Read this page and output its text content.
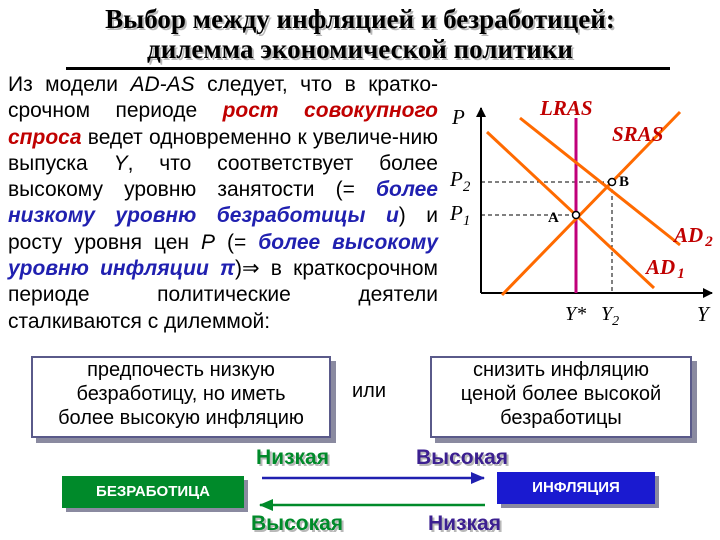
Выбор между инфляцией и безработицей:
дилемма экономической политики
Из модели AD-AS следует, что в кратко-срочном периоде рост совокупного спроса ведет одновременно к увеличе-нию выпуска Y, что соответствует более высокому уровню занятости (= более низкому уровню безработицы u) и росту уровня цен P (= более высокому уровню инфляции π)⇒ в краткосрочном периоде политические деятели сталкиваются с дилеммой:
P
Y
A
B
LRAS
SRAS
AD 2
AD 1
$P_2$
$P_1$
Y* $Y_2$
предпочесть низкую
безработицу, но иметь
более высокую инфляцию
или
снизить инфляцию
ценой более высокой
безработицы
Низкая	Высокая
БЕЗРАБОТИЦА	ИНФЛЯЦИЯ
Высокая	Низкая
